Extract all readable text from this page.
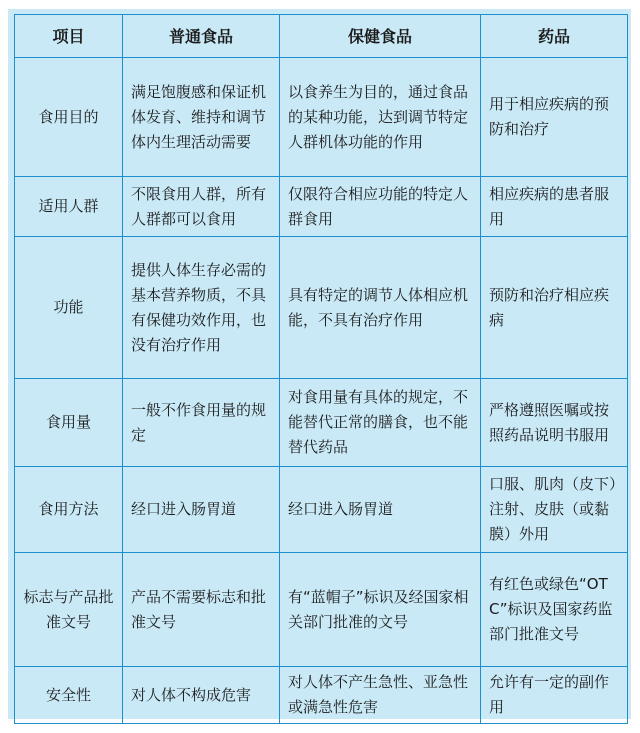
项目	普通食品	保健食品	药品
食用目的	满足饱腹感和保证机体发育、维持和调节体内生理活动需要	以食养生为目的，通过食品的某种功能，达到调节特定人群机体功能的作用	用于相应疾病的预防和治疗
适用人群	不限食用人群，所有人群都可以食用	仅限符合相应功能的特定人群食用	相应疾病的患者服用
功能	提供人体生存必需的基本营养物质，不具有保健功效作用，也没有治疗作用	具有特定的调节人体相应机能，不具有治疗作用	预防和治疗相应疾病
食用量	一般不作食用量的规定	对食用量有具体的规定，不能替代正常的膳食，也不能替代药品	严格遵照医嘱或按照药品说明书服用
食用方法	经口进入肠胃道	经口进入肠胃道	口服、肌肉（皮下）注射、皮肤（或黏膜）外用
标志与产品批准文号	产品不需要标志和批准文号	有“蓝帽子”标识及经国家相关部门批准的文号	有红色或绿色“OTC”标识及国家药监部门批准文号
安全性	对人体不构成危害	对人体不产生急性、亚急性或满急性危害	允许有一定的副作用
